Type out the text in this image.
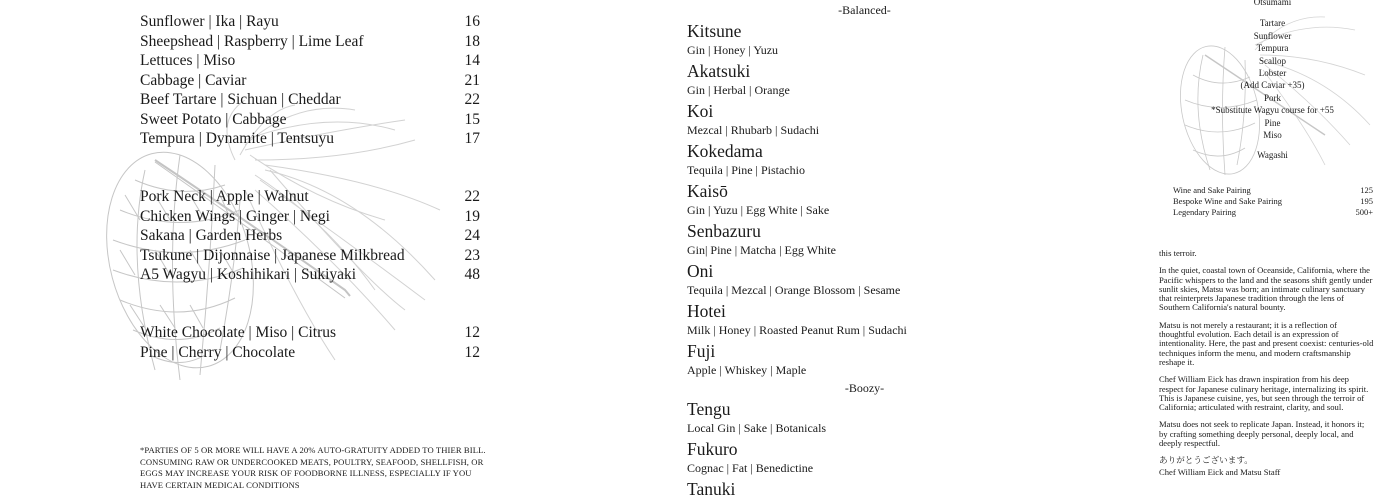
Sunflower | Ika | Rayu	16
Sheepshead | Raspberry | Lime Leaf	18
Lettuces | Miso	14
Cabbage | Caviar	21
Beef Tartare | Sichuan | Cheddar	22
Sweet Potato | Cabbage	15
Tempura | Dynamite | Tentsuyu	17
Pork Neck | Apple | Walnut	22
Chicken Wings | Ginger | Negi	19
Sakana | Garden Herbs	24
Tsukune | Dijonnaise | Japanese Milkbread	23
A5 Wagyu | Koshihikari | Sukiyaki	48
White Chocolate | Miso | Citrus	12
Pine | Cherry | Chocolate	12
*PARTIES OF 5 OR MORE WILL HAVE A 20% AUTO-GRATUITY ADDED TO THIER BILL. CONSUMING RAW OR UNDERCOOKED MEATS, POULTRY, SEAFOOD, SHELLFISH, OR EGGS MAY INCREASE YOUR RISK OF FOODBORNE ILLNESS, ESPECIALLY IF YOU HAVE CERTAIN MEDICAL CONDITIONS
-Balanced-
Kitsune
Gin | Honey | Yuzu
Akatsuki
Gin | Herbal | Orange
Koi
Mezcal | Rhubarb | Sudachi
Kokedama
Tequila | Pine | Pistachio
Kaisō
Gin | Yuzu | Egg White | Sake
Senbazuru
Gin| Pine | Matcha | Egg White
Oni
Tequila | Mezcal | Orange Blossom | Sesame
Hotei
Milk | Honey | Roasted Peanut Rum | Sudachi
Fuji
Apple | Whiskey | Maple
-Boozy-
Tengu
Local Gin | Sake | Botanicals
Fukuro
Cognac | Fat | Benedictine
Tanuki
Otsumami
Tartare
Sunflower
Tempura
Scallop
Lobster
(Add Caviar +35)
Pork
*Substitute Wagyu course for +55
Pine
Miso
Wagashi
Wine and Sake Pairing	125
Bespoke Wine and Sake Pairing	195
Legendary Pairing	500+

this terroir.

In the quiet, coastal town of Oceanside, California, where the Pacific whispers to the land and the seasons shift gently under sunlit skies, Matsu was born; an intimate culinary sanctuary that reinterprets Japanese tradition through the lens of Southern California's natural bounty.

Matsu is not merely a restaurant; it is a reflection of thoughtful evolution. Each detail is an expression of intentionality. Here, the past and present coexist: centuries-old techniques inform the menu, and modern craftsmanship reshape it.

Chef William Eick has drawn inspiration from his deep respect for Japanese culinary heritage, internalizing its spirit. This is Japanese cuisine, yes, but seen through the terroir of California; articulated with restraint, clarity, and soul.

Matsu does not seek to replicate Japan. Instead, it honors it; by crafting something deeply personal, deeply local, and deeply respectful.

ありがとうございます。

Chef William Eick and Matsu Staff
